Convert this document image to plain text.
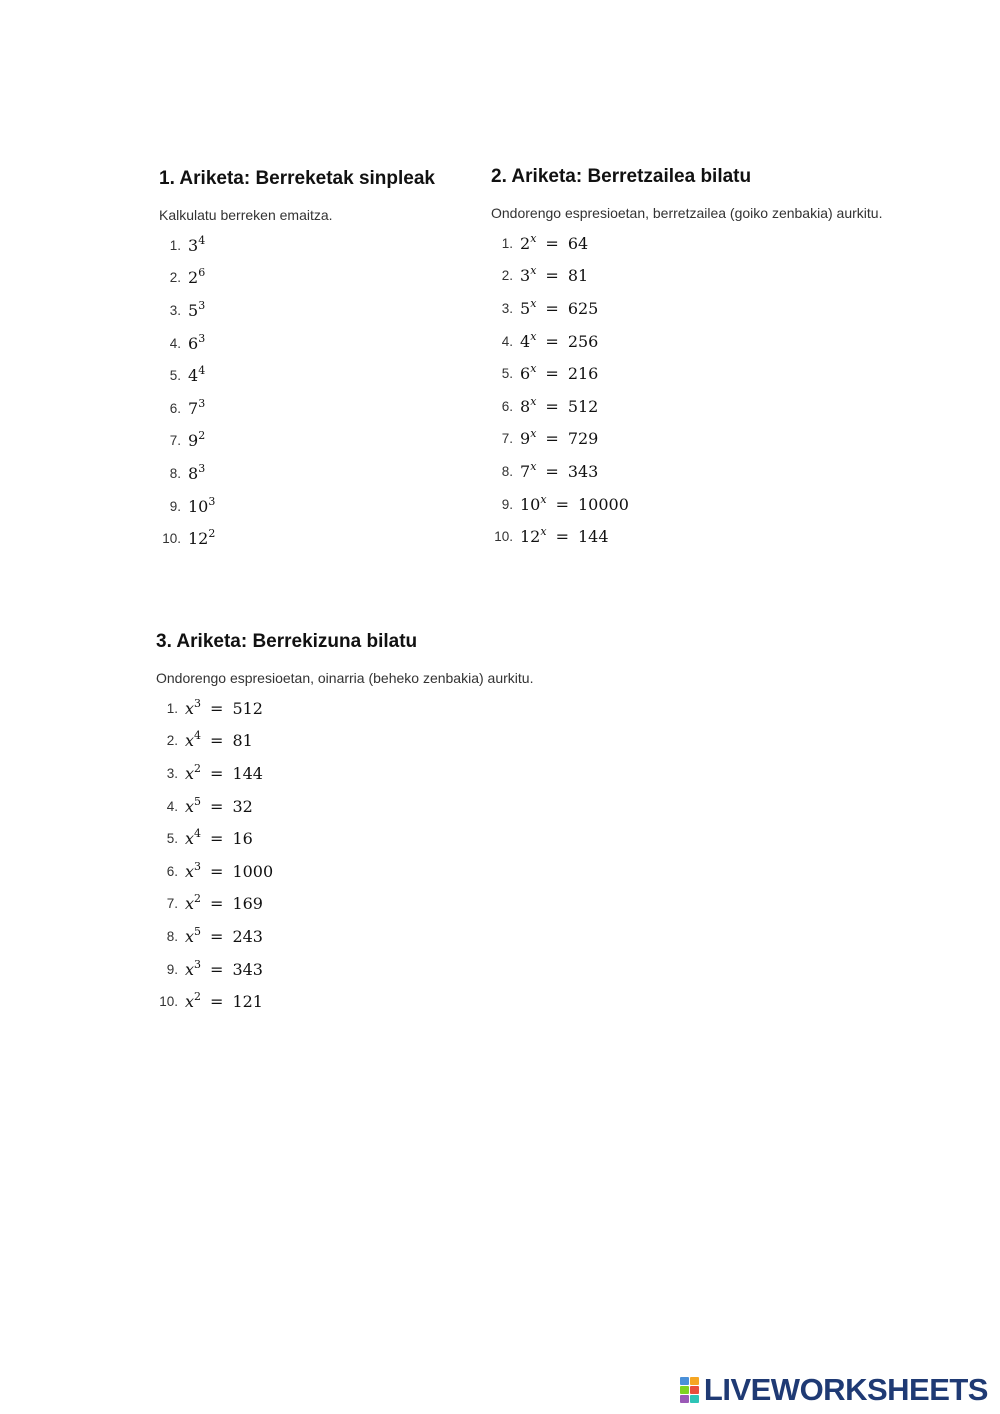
1. Ariketa: Berreketak sinpleak

Kalkulatu berreken emaitza.

1. $3^4$
2. $2^6$
3. $5^3$
4. $6^3$
5. $4^4$
6. $7^3$
7. $9^2$
8. $8^3$
9. $10^3$
10. $12^2$
2. Ariketa: Berretzailea bilatu

Ondorengo espresioetan, berretzailea (goiko zenbakia) aurkitu.

1. $2^x = 64$
2. $3^x = 81$
3. $5^x = 625$
4. $4^x = 256$
5. $6^x = 216$
6. $8^x = 512$
7. $9^x = 729$
8. $7^x = 343$
9. $10^x = 10000$
10. $12^x = 144$
3. Ariketa: Berrekizuna bilatu

Ondorengo espresioetan, oinarria (beheko zenbakia) aurkitu.

1. $x^3 = 512$
2. $x^4 = 81$
3. $x^2 = 144$
4. $x^5 = 32$
5. $x^4 = 16$
6. $x^3 = 1000$
7. $x^2 = 169$
8. $x^5 = 243$
9. $x^3 = 343$
10. $x^2 = 121$
LIVEWORKSHEETS
